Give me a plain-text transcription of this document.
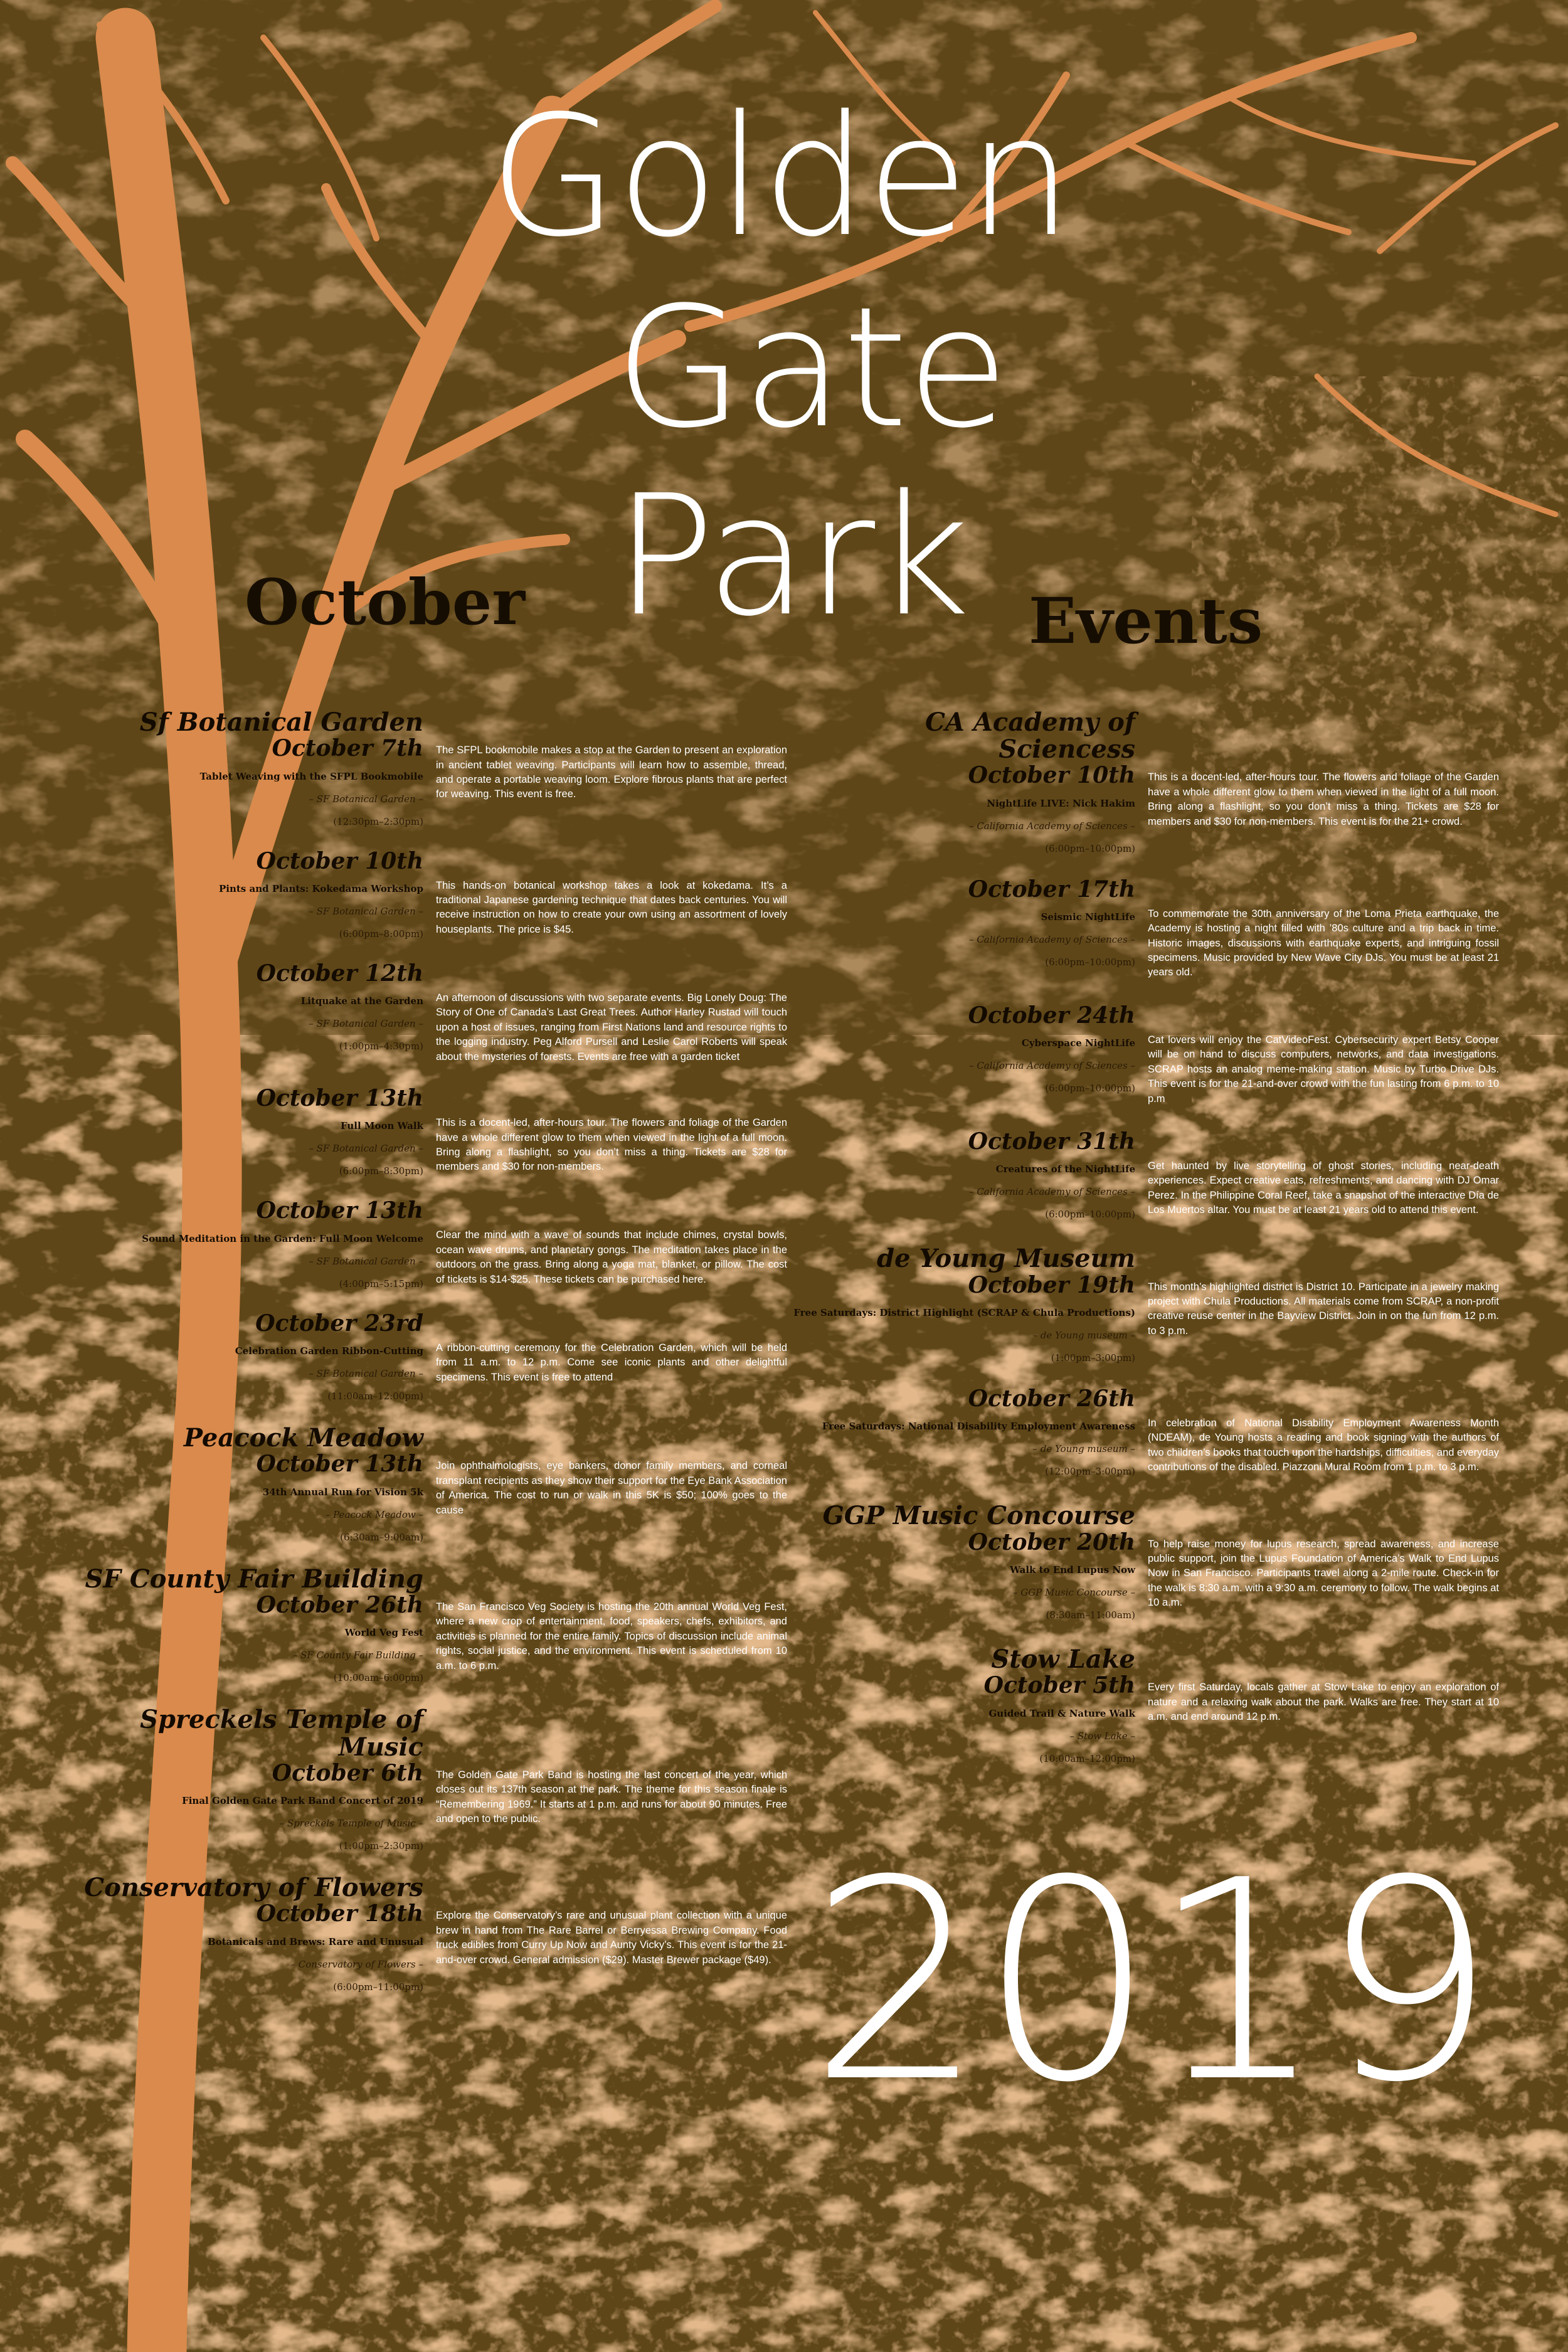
Golden
Gate
Park
October	Events
Sf Botanical Garden
October 7th
Tablet Weaving with the SFPL Bookmobile
– SF Botanical Garden –
(12:30pm–2:30pm)
The SFPL bookmobile makes a stop at the Garden to present an exploration in ancient tablet weaving. Participants will learn how to assemble, thread, and operate a portable weaving loom. Explore fibrous plants that are perfect for weaving. This event is free.
October 10th
Pints and Plants: Kokedama Workshop
– SF Botanical Garden –
(6:00pm–8:00pm)
This hands-on botanical workshop takes a look at kokedama. It’s a traditional Japanese gardening technique that dates back centuries. You will receive instruction on how to create your own using an assortment of lovely houseplants. The price is $45.
October 12th
Litquake at the Garden
– SF Botanical Garden –
(1:00pm–4:30pm)
An afternoon of discussions with two separate events. Big Lonely Doug: The Story of One of Canada’s Last Great Trees. Author Harley Rustad will touch upon a host of issues, ranging from First Nations land and resource rights to the logging industry. Peg Alford Pursell and Leslie Carol Roberts will speak about the mysteries of forests. Events are free with a garden ticket
October 13th
Full Moon Walk
– SF Botanical Garden –
(6:00pm–8:30pm)
This is a docent-led, after-hours tour. The flowers and foliage of the Garden have a whole different glow to them when viewed in the light of a full moon. Bring along a flashlight, so you don’t miss a thing. Tickets are $28 for members and $30 for non-members.
October 13th
Sound Meditation in the Garden: Full Moon Welcome
– SF Botanical Garden –
(4:00pm–5:15pm)
Clear the mind with a wave of sounds that include chimes, crystal bowls, ocean wave drums, and planetary gongs. The meditation takes place in the outdoors on the grass. Bring along a yoga mat, blanket, or pillow. The cost of tickets is $14-$25. These tickets can be purchased here.
October 23rd
Celebration Garden Ribbon-Cutting
– SF Botanical Garden –
(11:00am–12:00pm)
A ribbon-cutting ceremony for the Celebration Garden, which will be held from 11 a.m. to 12 p.m. Come see iconic plants and other delightful specimens. This event is free to attend
Peacock Meadow
October 13th
34th Annual Run for Vision 5k
– Peacock Meadow –
(6:30am–9:00am)
Join ophthalmologists, eye bankers, donor family members, and corneal transplant recipients as they show their support for the Eye Bank Association of America. The cost to run or walk in this 5K is $50; 100% goes to the cause
SF County Fair Building
October 26th
World Veg Fest
– SF County Fair Building –
(10:00am–6:00pm)
The San Francisco Veg Society is hosting the 20th annual World Veg Fest, where a new crop of entertainment, food, speakers, chefs, exhibitors, and activities is planned for the entire family. Topics of discussion include animal rights, social justice, and the environment. This event is scheduled from 10 a.m. to 6 p.m.
Spreckels Temple of Music
October 6th
Final Golden Gate Park Band Concert of 2019
– Spreckels Temple of Music –
(1:00pm–2:30pm)
The Golden Gate Park Band is hosting the last concert of the year, which closes out its 137th season at the park. The theme for this season finale is “Remembering 1969.” It starts at 1 p.m. and runs for about 90 minutes. Free and open to the public.
Conservatory of Flowers
October 18th
Botanicals and Brews: Rare and Unusual
– Conservatory of Flowers –
(6:00pm–11:00pm)
Explore the Conservatory’s rare and unusual plant collection with a unique brew in hand from The Rare Barrel or Berryessa Brewing Company. Food truck edibles from Curry Up Now and Aunty Vicky’s. This event is for the 21-and-over crowd. General admission ($29). Master Brewer package ($49).
CA Academy of Sciencess
October 10th
NightLife LIVE: Nick Hakim
– California Academy of Sciences –
(6:00pm–10:00pm)
This is a docent-led, after-hours tour. The flowers and foliage of the Garden have a whole different glow to them when viewed in the light of a full moon. Bring along a flashlight, so you don’t miss a thing. Tickets are $28 for members and $30 for non-members. This event is for the 21+ crowd.
October 17th
Seismic NightLife
– California Academy of Sciences –
(6:00pm–10:00pm)
To commemorate the 30th anniversary of the Loma Prieta earthquake, the Academy is hosting a night filled with ’80s culture and a trip back in time. Historic images, discussions with earthquake experts, and intriguing fossil specimens. Music provided by New Wave City DJs. You must be at least 21 years old.
October 24th
Cyberspace NightLife
– California Academy of Sciences –
(6:00pm–10:00pm)
Cat lovers will enjoy the CatVideoFest. Cybersecurity expert Betsy Cooper will be on hand to discuss computers, networks, and data investigations. SCRAP hosts an analog meme-making station. Music by Turbo Drive DJs. This event is for the 21-and-over crowd with the fun lasting from 6 p.m. to 10 p.m
October 31th
Creatures of the NightLife
– California Academy of Sciences –
(6:00pm–10:00pm)
Get haunted by live storytelling of ghost stories, including near-death experiences. Expect creative eats, refreshments, and dancing with DJ Omar Perez. In the Philippine Coral Reef, take a snapshot of the interactive Día de Los Muertos altar. You must be at least 21 years old to attend this event.
de Young Museum
October 19th
Free Saturdays: District Highlight (SCRAP & Chula Productions)
– de Young museum –
(1:00pm–3:00pm)
This month’s highlighted district is District 10. Participate in a jewelry making project with Chula Productions. All materials come from SCRAP, a non-profit creative reuse center in the Bayview District. Join in on the fun from 12 p.m. to 3 p.m.
October 26th
Free Saturdays: National Disability Employment Awareness
– de Young museum –
(12:00pm–3:00pm)
In celebration of National Disability Employment Awareness Month (NDEAM), de Young hosts a reading and book signing with the authors of two children’s books that touch upon the hardships, difficulties, and everyday contributions of the disabled. Piazzoni Mural Room from 1 p.m. to 3 p.m.
GGP Music Concourse
October 20th
Walk to End Lupus Now
– GGP Music Concourse –
(8:30am–11:00am)
To help raise money for lupus research, spread awareness, and increase public support, join the Lupus Foundation of America’s Walk to End Lupus Now in San Francisco. Participants travel along a 2-mile route. Check-in for the walk is 8:30 a.m. with a 9:30 a.m. ceremony to follow. The walk begins at 10 a.m.
Stow Lake
October 5th
Guided Trail & Nature Walk
– Stow Lake –
(10:00am–12:00pm)
Every first Saturday, locals gather at Stow Lake to enjoy an exploration of nature and a relaxing walk about the park. Walks are free. They start at 10 a.m. and end around 12 p.m.
2019
